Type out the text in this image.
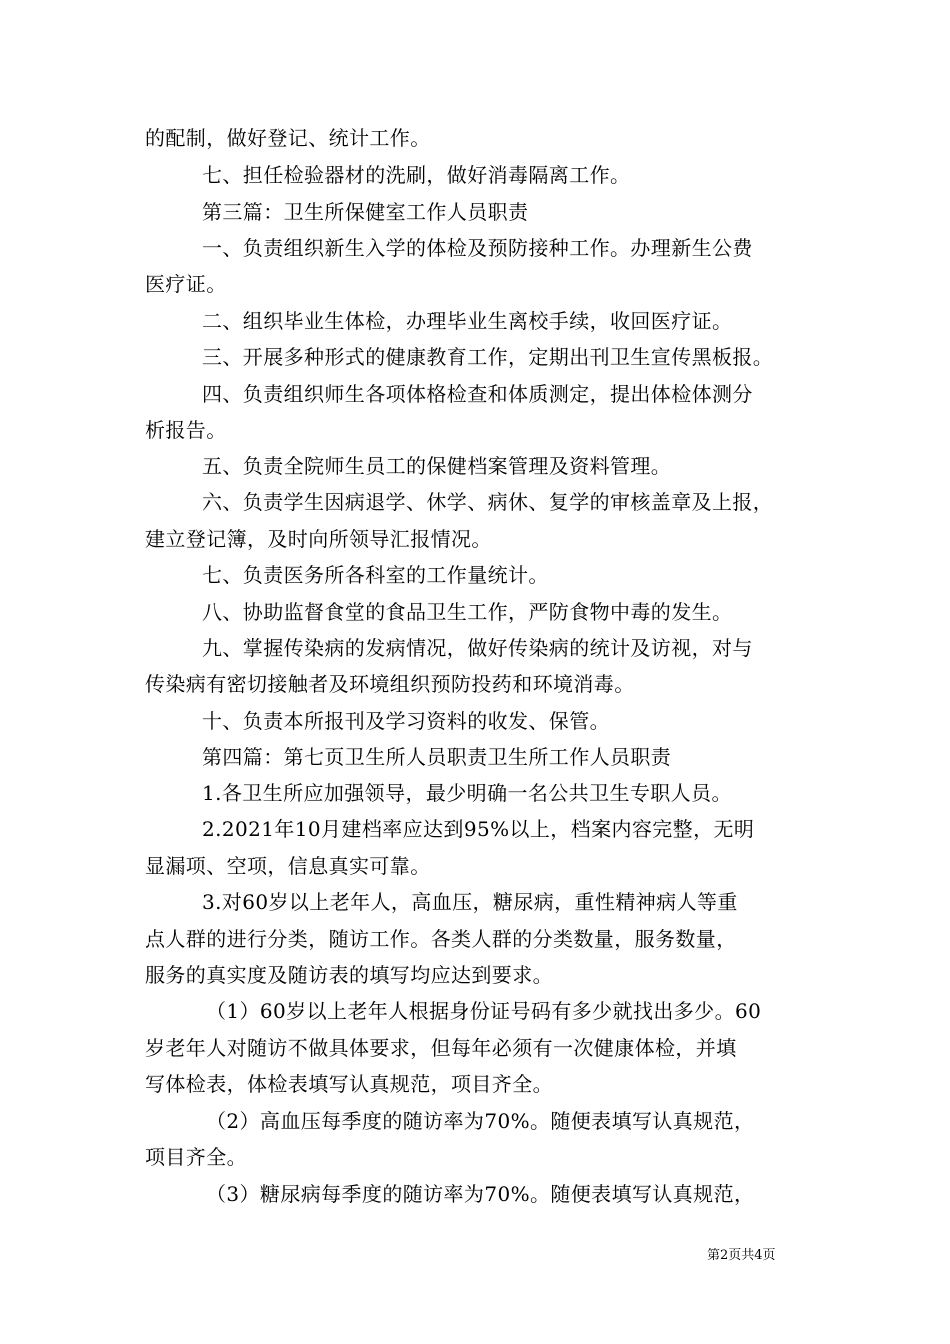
的配制，做好登记、统计工作。
七、担任检验器材的洗刷，做好消毒隔离工作。
第三篇：卫生所保健室工作人员职责
一、负责组织新生入学的体检及预防接种工作。办理新生公费
医疗证。
二、组织毕业生体检，办理毕业生离校手续，收回医疗证。
三、开展多种形式的健康教育工作，定期出刊卫生宣传黑板报。
四、负责组织师生各项体格检查和体质测定，提出体检体测分
析报告。
五、负责全院师生员工的保健档案管理及资料管理。
六、负责学生因病退学、休学、病休、复学的审核盖章及上报，
建立登记簿，及时向所领导汇报情况。
七、负责医务所各科室的工作量统计。
八、协助监督食堂的食品卫生工作，严防食物中毒的发生。
九、掌握传染病的发病情况，做好传染病的统计及访视，对与
传染病有密切接触者及环境组织预防投药和环境消毒。
十、负责本所报刊及学习资料的收发、保管。
第四篇：第七页卫生所人员职责卫生所工作人员职责
1.各卫生所应加强领导，最少明确一名公共卫生专职人员。
2.2021年10月建档率应达到95%以上，档案内容完整，无明
显漏项、空项，信息真实可靠。
3.对60岁以上老年人，高血压，糖尿病，重性精神病人等重
点人群的进行分类，随访工作。各类人群的分类数量，服务数量，
服务的真实度及随访表的填写均应达到要求。
（1）60岁以上老年人根据身份证号码有多少就找出多少。60
岁老年人对随访不做具体要求，但每年必须有一次健康体检，并填
写体检表，体检表填写认真规范，项目齐全。
（2）高血压每季度的随访率为70%。随便表填写认真规范，
项目齐全。
（3）糖尿病每季度的随访率为70%。随便表填写认真规范，
第2页共4页
